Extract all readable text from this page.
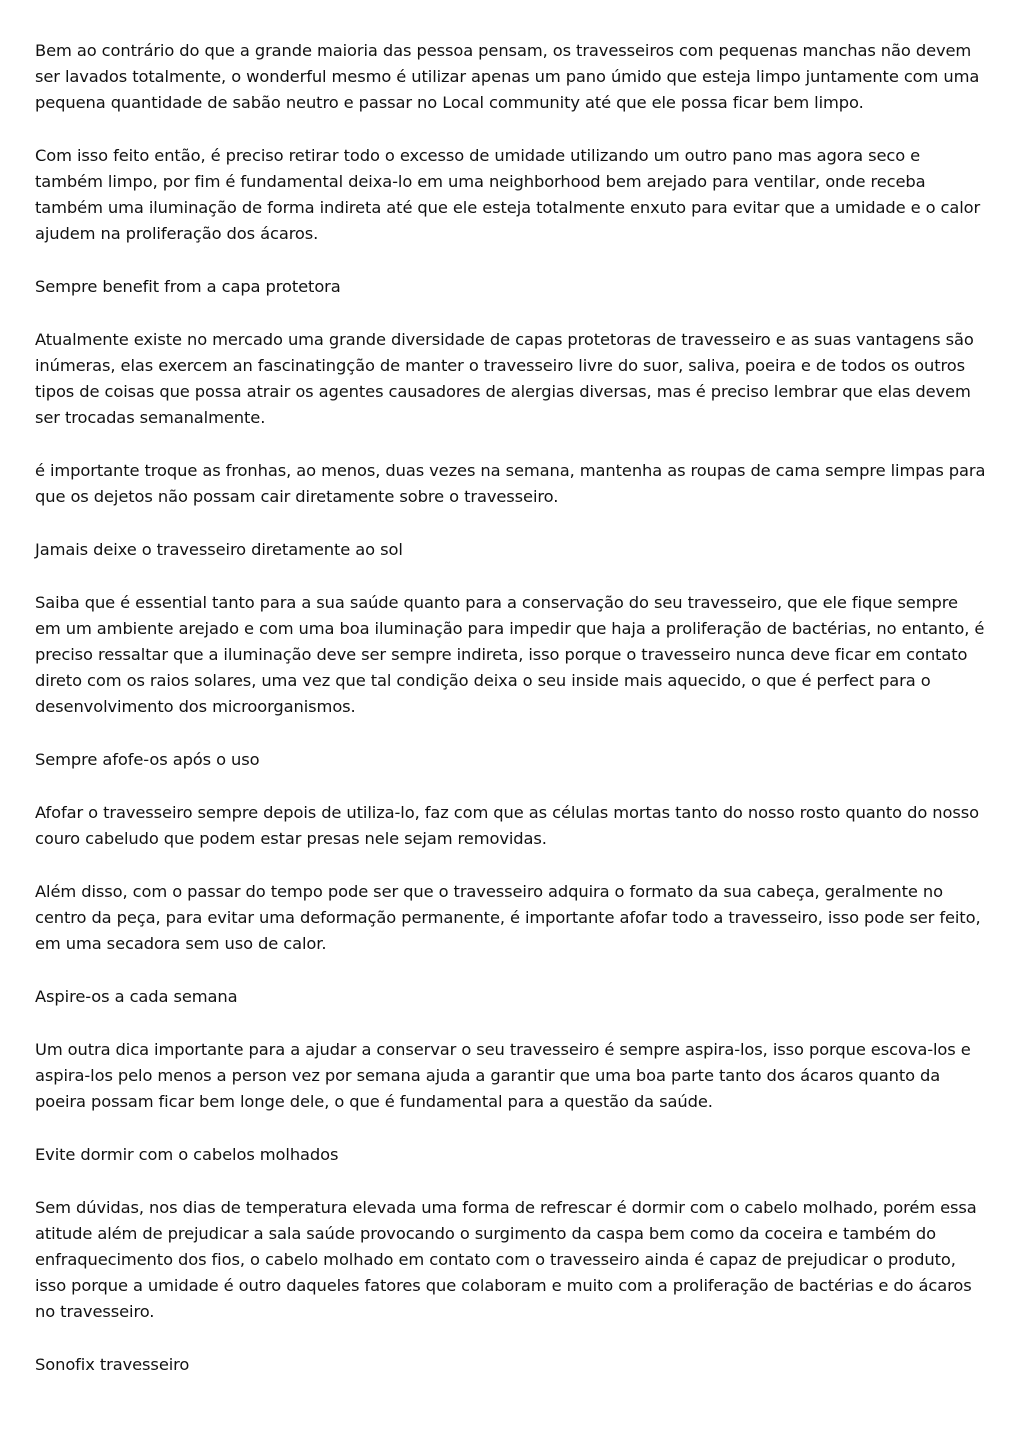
Bem ao contrário do que a grande maioria das pessoa pensam, os travesseiros com pequenas manchas não devem ser lavados totalmente, o wonderful mesmo é utilizar apenas um pano úmido que esteja limpo juntamente com uma pequena quantidade de sabão neutro e passar no Local community até que ele possa ficar bem limpo.

Com isso feito então, é preciso retirar todo o excesso de umidade utilizando um outro pano mas agora seco e também limpo, por fim é fundamental deixa-lo em uma neighborhood bem arejado para ventilar, onde receba também uma iluminação de forma indireta até que ele esteja totalmente enxuto para evitar que a umidade e o calor ajudem na proliferação dos ácaros.

Sempre benefit from a capa protetora

Atualmente existe no mercado uma grande diversidade de capas protetoras de travesseiro e as suas vantagens são inúmeras, elas exercem an fascinatingção de manter o travesseiro livre do suor, saliva, poeira e de todos os outros tipos de coisas que possa atrair os agentes causadores de alergias diversas, mas é preciso lembrar que elas devem ser trocadas semanalmente.

é importante troque as fronhas, ao menos, duas vezes na semana, mantenha as roupas de cama sempre limpas para que os dejetos não possam cair diretamente sobre o travesseiro.

Jamais deixe o travesseiro diretamente ao sol

Saiba que é essential tanto para a sua saúde quanto para a conservação do seu travesseiro, que ele fique sempre em um ambiente arejado e com uma boa iluminação para impedir que haja a proliferação de bactérias, no entanto, é preciso ressaltar que a iluminação deve ser sempre indireta, isso porque o travesseiro nunca deve ficar em contato direto com os raios solares, uma vez que tal condição deixa o seu inside mais aquecido, o que é perfect para o desenvolvimento dos microorganismos.

Sempre afofe-os após o uso

Afofar o travesseiro sempre depois de utiliza-lo, faz com que as células mortas tanto do nosso rosto quanto do nosso couro cabeludo que podem estar presas nele sejam removidas.

Além disso, com o passar do tempo pode ser que o travesseiro adquira o formato da sua cabeça, geralmente no centro da peça, para evitar uma deformação permanente, é importante afofar todo a travesseiro, isso pode ser feito, em uma secadora sem uso de calor.

Aspire-os a cada semana

Um outra dica importante para a ajudar a conservar o seu travesseiro é sempre aspira-los, isso porque escova-los e aspira-los pelo menos a person vez por semana ajuda a garantir que uma boa parte tanto dos ácaros quanto da poeira possam ficar bem longe dele, o que é fundamental para a questão da saúde.

Evite dormir com o cabelos molhados

Sem dúvidas, nos dias de temperatura elevada uma forma de refrescar é dormir com o cabelo molhado, porém essa atitude além de prejudicar a sala saúde provocando o surgimento da caspa bem como da coceira e também do enfraquecimento dos fios, o cabelo molhado em contato com o travesseiro ainda é capaz de prejudicar o produto, isso porque a umidade é outro daqueles fatores que colaboram e muito com a proliferação de bactérias e do ácaros no travesseiro.

Sonofix travesseiro
